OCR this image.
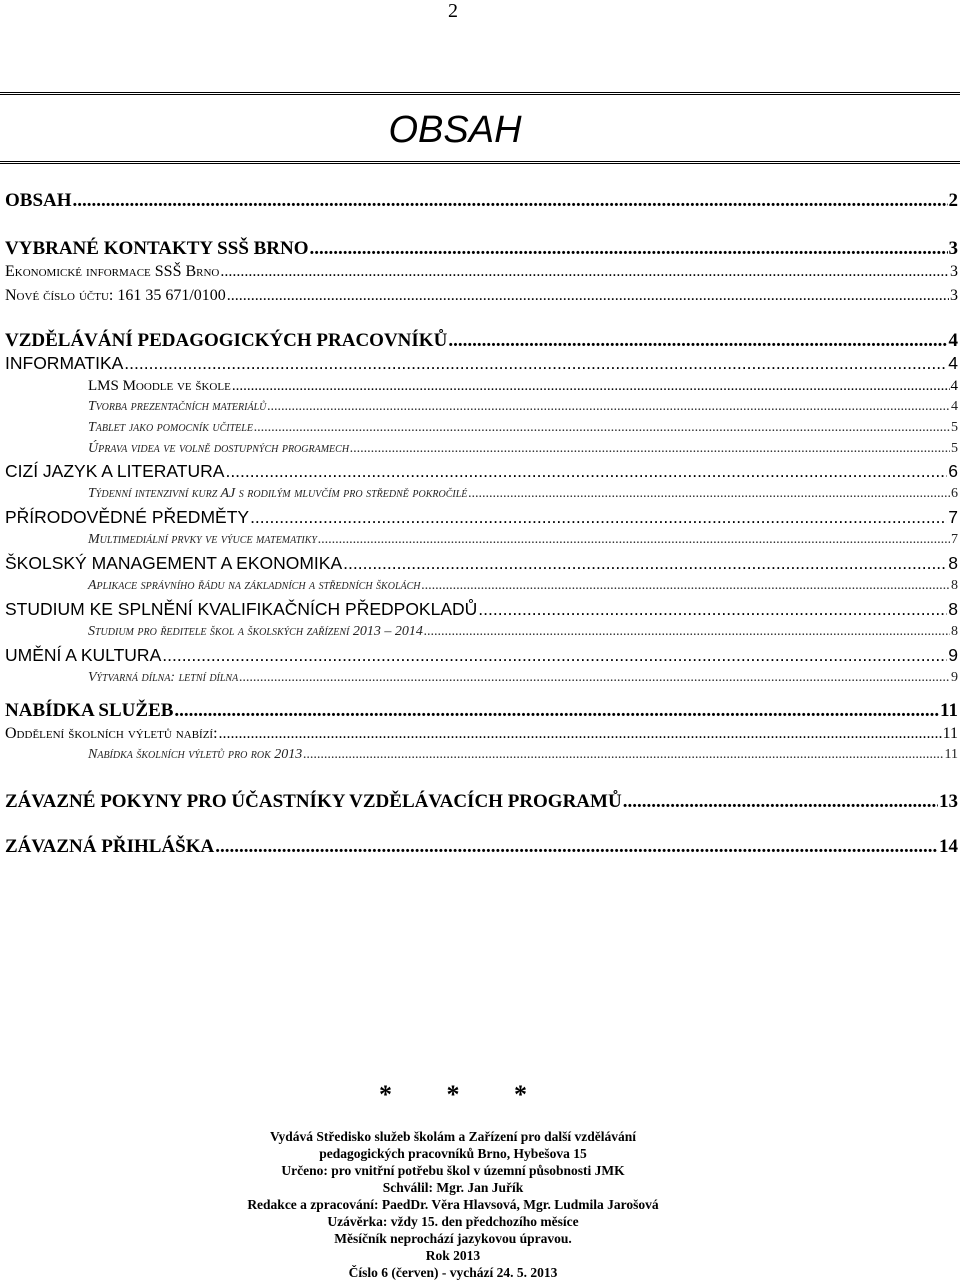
2
OBSAH
OBSAH .....	2
VYBRANÉ KONTAKTY SSŠ BRNO .....	3
Ekonomické informace SSŠ Brno .....	3
Nové číslo účtu: 161 35 671/0100 .....	3
VZDĚLÁVÁNÍ PEDAGOGICKÝCH PRACOVNÍKŮ .....	4
INFORMATIKA .....	4
LMS Moodle ve škole .....	4
Tvorba prezentačních materiálů .....	4
Tablet jako pomocník učitele .....	5
Úprava videa ve volně dostupných programech .....	5
CIZÍ JAZYK A LITERATURA .....	6
Týdenní intenzivní kurz AJ s rodilým mluvčím pro středně pokročilé .....	6
PŘÍRODOVĚDNÉ PŘEDMĚTY .....	7
Multimediální prvky ve výuce matematiky .....	7
ŠKOLSKÝ MANAGEMENT A EKONOMIKA .....	8
Aplikace správního řádu na základních a středních školách .....	8
STUDIUM KE SPLNĚNÍ KVALIFIKAČNÍCH PŘEDPOKLADŮ .....	8
Studium pro ředitele škol a školských zařízení 2013 – 2014 .....	8
UMĚNÍ A KULTURA .....	9
Výtvarná dílna: letní dílna .....	9
NABÍDKA SLUŽEB .....	11
Oddělení školních výletů nabízí: .....	11
Nabídka školních výletů pro rok 2013 .....	11
ZÁVAZNÉ POKYNY PRO ÚČASTNÍKY VZDĚLÁVACÍCH PROGRAMŮ .....	13
ZÁVAZNÁ PŘIHLÁŠKA .....	14
* * *
Vydává Středisko služeb školám a Zařízení pro další vzdělávání
pedagogických pracovníků Brno, Hybešova 15
Určeno: pro vnitřní potřebu škol v územní působnosti JMK
Schválil: Mgr. Jan Juřík
Redakce a zpracování: PaedDr. Věra Hlavsová, Mgr. Ludmila Jarošová
Uzávěrka: vždy 15. den předchozího měsíce
Měsíčník neprochází jazykovou úpravou.
Rok 2013
Číslo 6 (červen) - vychází 24. 5. 2013
